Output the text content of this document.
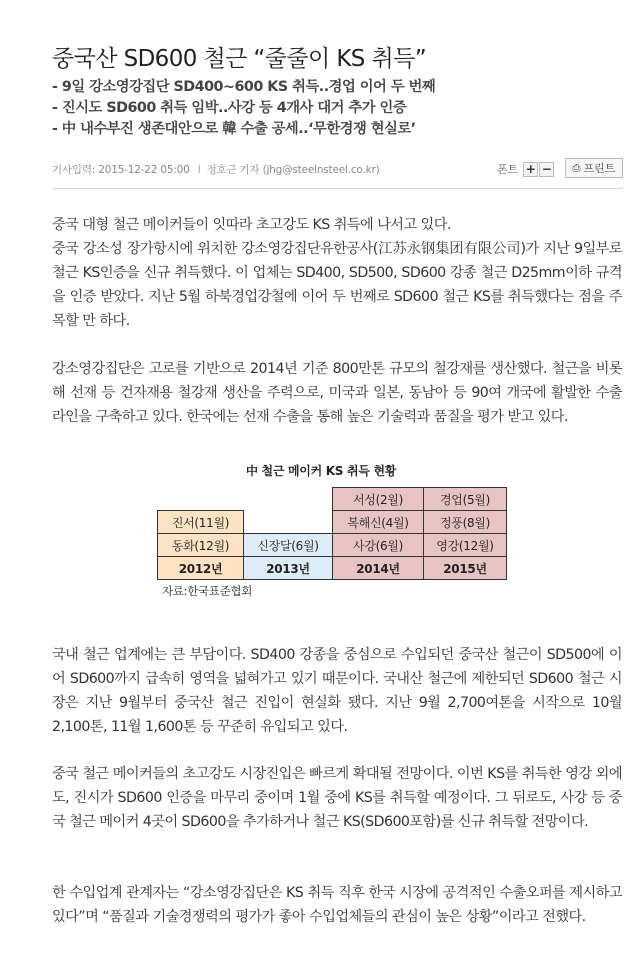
중국산 SD600 철근 “줄줄이 KS 취득”
- 9일 강소영강집단 SD400~600 KS 취득..경업 이어 두 번째
- 진시도 SD600 취득 임박..사강 등 4개사 대거 추가 인증
- 中 내수부진 생존대안으로 韓 수출 공세..‘무한경쟁 현실로’
기사입력: 2015-12-22 05:00 I 정호근 기자 (jhg@steelnsteel.co.kr)	폰트 + − ⎙ 프린트
중국 대형 철근 메이커들이 잇따라 초고강도 KS 취득에 나서고 있다.
중국 강소성 장가항시에 위치한 강소영강집단유한공사(江苏永钢集团有限公司)가 지난 9일부로 철근 KS인증을 신규 취득했다. 이 업체는 SD400, SD500, SD600 강종 철근 D25mm이하 규격을 인증 받았다. 지난 5월 하북경업강철에 이어 두 번째로 SD600 철근 KS를 취득했다는 점을 주목할 만 하다.
강소영강집단은 고로를 기반으로 2014년 기준 800만톤 규모의 철강재를 생산했다. 철근을 비롯해 선재 등 건자재용 철강재 생산을 주력으로, 미국과 일본, 동남아 등 90여 개국에 활발한 수출 라인을 구축하고 있다. 한국에는 선재 수출을 통해 높은 기술력과 품질을 평가 받고 있다.
中 철근 메이커 KS 취득 현황
경업(5월)
정풍(8월)
영강(12월)
2015년
서성(2월)
복해신(4월)
사강(6월)
2014년
신장달(6월)
2013년
진서(11월)
동화(12월)
2012년
자료:한국표준협회
국내 철근 업계에는 큰 부담이다. SD400 강종을 중심으로 수입되던 중국산 철근이 SD500에 이어 SD600까지 급속히 영역을 넓혀가고 있기 때문이다. 국내산 철근에 제한되던 SD600 철근 시장은 지난 9월부터 중국산 철근 진입이 현실화 됐다. 지난 9월 2,700여톤을 시작으로 10월 2,100톤, 11월 1,600톤 등 꾸준히 유입되고 있다.
중국 철근 메이커들의 초고강도 시장진입은 빠르게 확대될 전망이다. 이번 KS를 취득한 영강 외에도, 진시가 SD600 인증을 마무리 중이며 1월 중에 KS를 취득할 예정이다. 그 뒤로도, 사강 등 중국 철근 메이커 4곳이 SD600을 추가하거나 철근 KS(SD600포함)를 신규 취득할 전망이다.
한 수입업계 관계자는 “강소영강집단은 KS 취득 직후 한국 시장에 공격적인 수출오퍼를 제시하고 있다”며 “품질과 기술경쟁력의 평가가 좋아 수입업체들의 관심이 높은 상황”이라고 전했다.
